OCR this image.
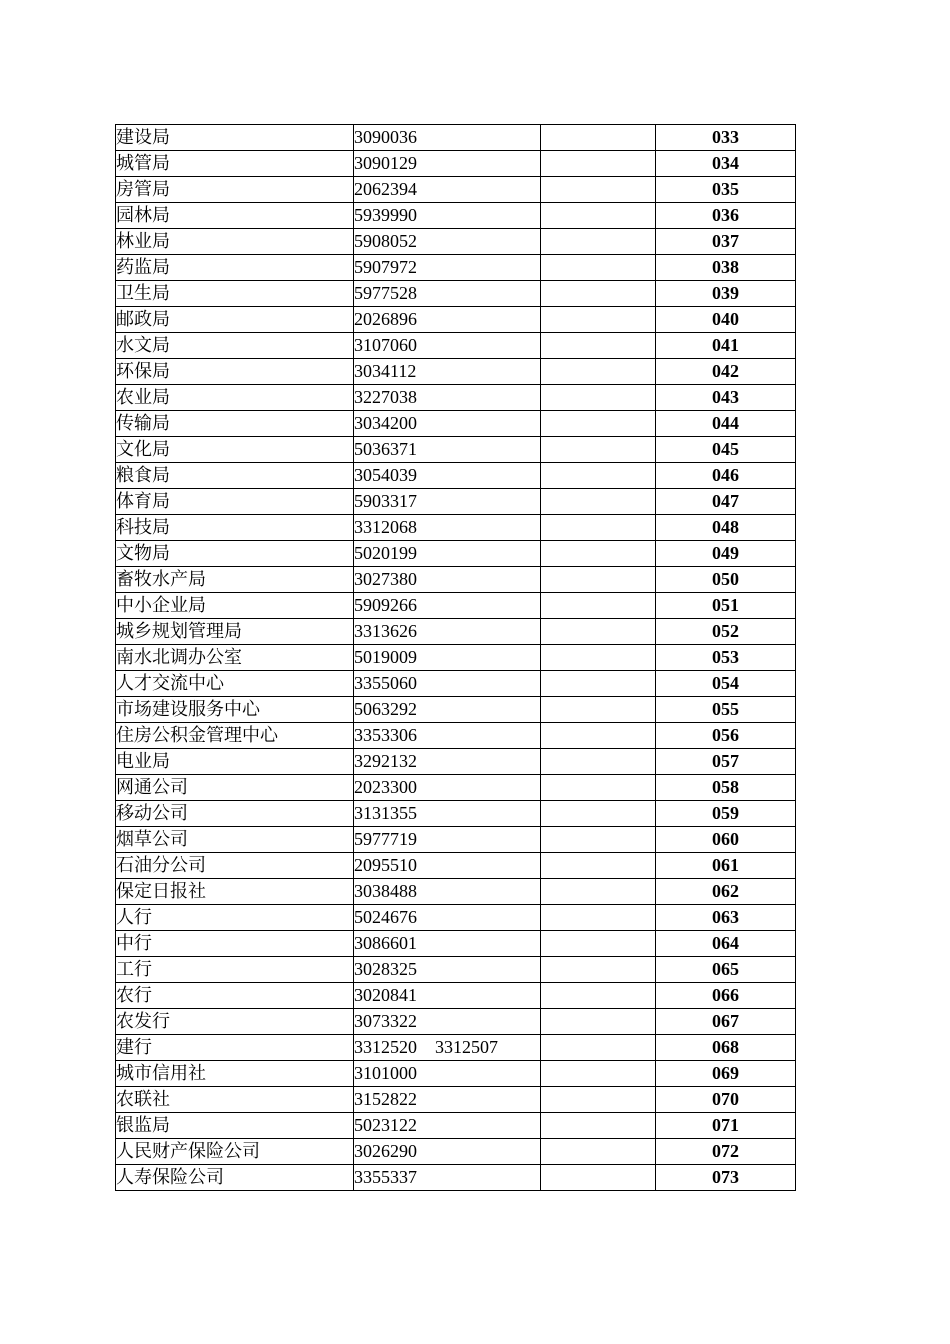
建设局	3090036		033
城管局	3090129		034
房管局	2062394		035
园林局	5939990		036
林业局	5908052		037
药监局	5907972		038
卫生局	5977528		039
邮政局	2026896		040
水文局	3107060		041
环保局	3034112		042
农业局	3227038		043
传输局	3034200		044
文化局	5036371		045
粮食局	3054039		046
体育局	5903317		047
科技局	3312068		048
文物局	5020199		049
畜牧水产局	3027380		050
中小企业局	5909266		051
城乡规划管理局	3313626		052
南水北调办公室	5019009		053
人才交流中心	3355060		054
市场建设服务中心	5063292		055
住房公积金管理中心	3353306		056
电业局	3292132		057
网通公司	2023300		058
移动公司	3131355		059
烟草公司	5977719		060
石油分公司	2095510		061
保定日报社	3038488		062
人行	5024676		063
中行	3086601		064
工行	3028325		065
农行	3020841		066
农发行	3073322		067
建行	3312520　3312507		068
城市信用社	3101000		069
农联社	3152822		070
银监局	5023122		071
人民财产保险公司	3026290		072
人寿保险公司	3355337		073
